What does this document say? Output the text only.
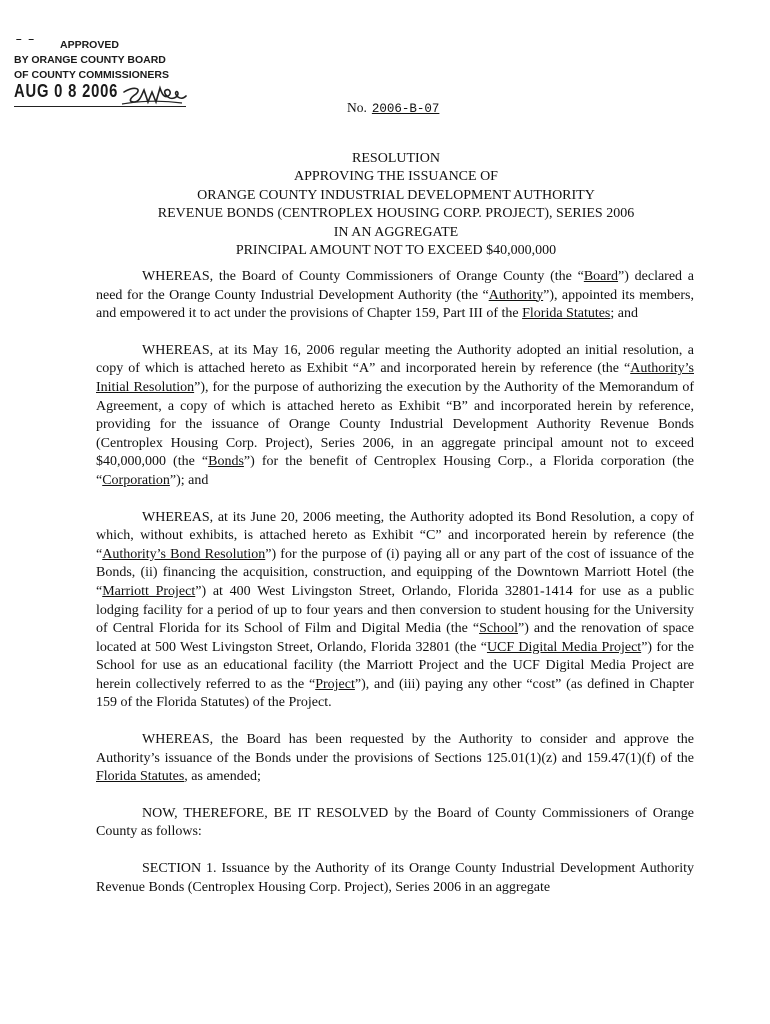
– –	APPROVED
BY ORANGE COUNTY BOARD
OF COUNTY COMMISSIONERS
AUG 0 8 2006
No. 2006-B-07
RESOLUTION
APPROVING THE ISSUANCE OF
ORANGE COUNTY INDUSTRIAL DEVELOPMENT AUTHORITY
REVENUE BONDS (CENTROPLEX HOUSING CORP. PROJECT), SERIES 2006
IN AN AGGREGATE
PRINCIPAL AMOUNT NOT TO EXCEED $40,000,000

WHEREAS, the Board of County Commissioners of Orange County (the “Board”) declared a need for the Orange County Industrial Development Authority (the “Authority”), appointed its members, and empowered it to act under the provisions of Chapter 159, Part III of the Florida Statutes; and

WHEREAS, at its May 16, 2006 regular meeting the Authority adopted an initial resolution, a copy of which is attached hereto as Exhibit “A” and incorporated herein by reference (the “Authority’s Initial Resolution”), for the purpose of authorizing the execution by the Authority of the Memorandum of Agreement, a copy of which is attached hereto as Exhibit “B” and incorporated herein by reference, providing for the issuance of Orange County Industrial Development Authority Revenue Bonds (Centroplex Housing Corp. Project), Series 2006, in an aggregate principal amount not to exceed $40,000,000 (the “Bonds”) for the benefit of Centroplex Housing Corp., a Florida corporation (the “Corporation”); and

WHEREAS, at its June 20, 2006 meeting, the Authority adopted its Bond Resolution, a copy of which, without exhibits, is attached hereto as Exhibit “C” and incorporated herein by reference (the “Authority’s Bond Resolution”) for the purpose of (i) paying all or any part of the cost of issuance of the Bonds, (ii) financing the acquisition, construction, and equipping of the Downtown Marriott Hotel (the “Marriott Project”) at 400 West Livingston Street, Orlando, Florida 32801-1414 for use as a public lodging facility for a period of up to four years and then conversion to student housing for the University of Central Florida for its School of Film and Digital Media (the “School”) and the renovation of space located at 500 West Livingston Street, Orlando, Florida 32801 (the “UCF Digital Media Project”) for the School for use as an educational facility (the Marriott Project and the UCF Digital Media Project are herein collectively referred to as the “Project”), and (iii) paying any other “cost” (as defined in Chapter 159 of the Florida Statutes) of the Project.

WHEREAS, the Board has been requested by the Authority to consider and approve the Authority’s issuance of the Bonds under the provisions of Sections 125.01(1)(z) and 159.47(1)(f) of the Florida Statutes, as amended;

NOW, THEREFORE, BE IT RESOLVED by the Board of County Commissioners of Orange County as follows:

SECTION 1. Issuance by the Authority of its Orange County Industrial Development Authority Revenue Bonds (Centroplex Housing Corp. Project), Series 2006 in an aggregate
